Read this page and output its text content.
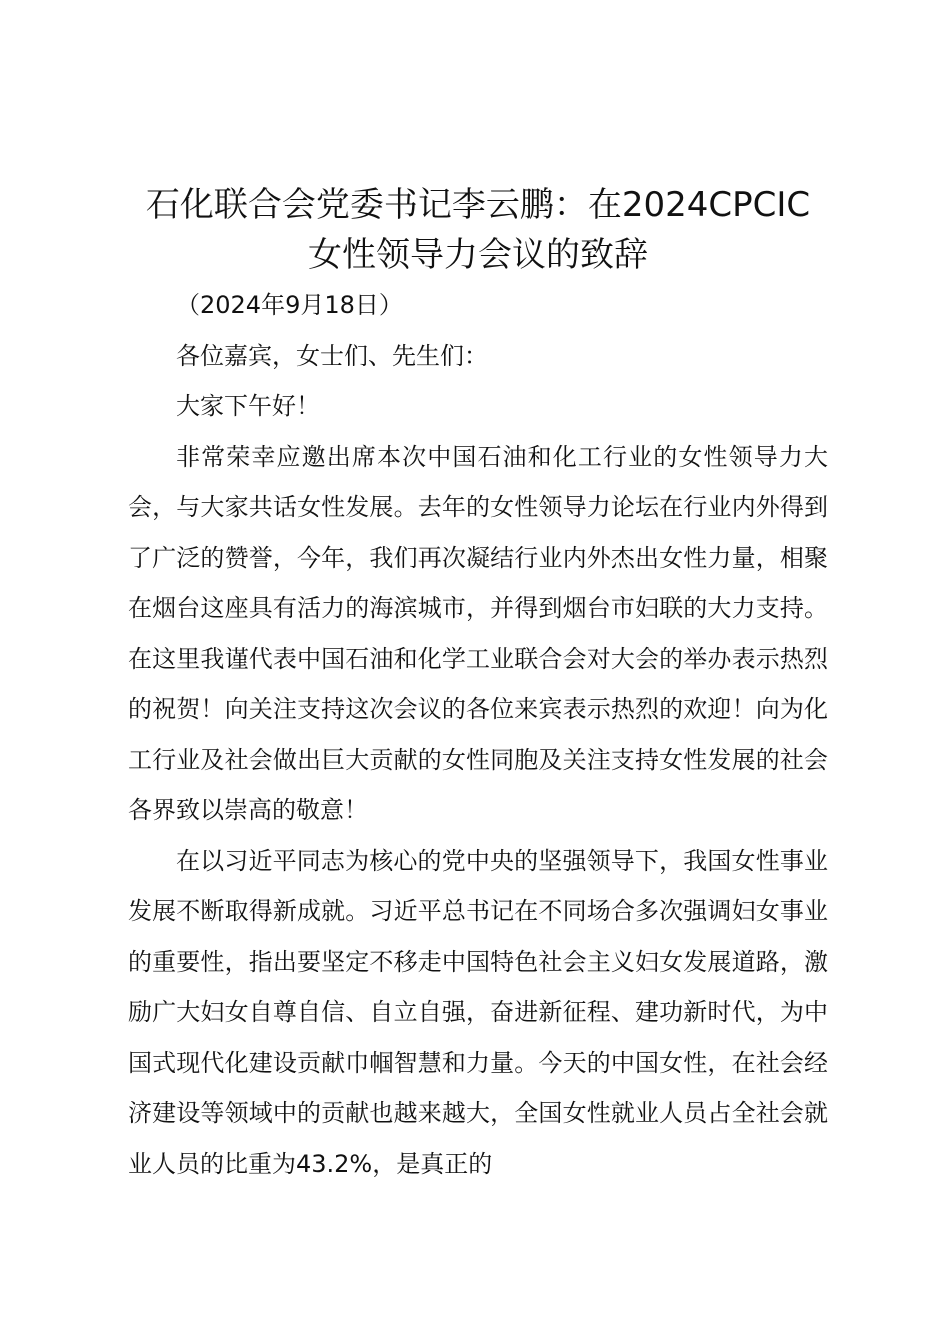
石化联合会党委书记李云鹏：在2024CPCIC
女性领导力会议的致辞

（2024年9月18日）

各位嘉宾，女士们、先生们：

大家下午好！

非常荣幸应邀出席本次中国石油和化工行业的女性领导力大会，与大家共话女性发展。去年的女性领导力论坛在行业内外得到了广泛的赞誉，今年，我们再次凝结行业内外杰出女性力量，相聚在烟台这座具有活力的海滨城市，并得到烟台市妇联的大力支持。在这里我谨代表中国石油和化学工业联合会对大会的举办表示热烈的祝贺！向关注支持这次会议的各位来宾表示热烈的欢迎！向为化工行业及社会做出巨大贡献的女性同胞及关注支持女性发展的社会各界致以崇高的敬意！

在以习近平同志为核心的党中央的坚强领导下，我国女性事业发展不断取得新成就。习近平总书记在不同场合多次强调妇女事业的重要性，指出要坚定不移走中国特色社会主义妇女发展道路，激励广大妇女自尊自信、自立自强，奋进新征程、建功新时代，为中国式现代化建设贡献巾帼智慧和力量。今天的中国女性，在社会经济建设等领域中的贡献也越来越大，全国女性就业人员占全社会就业人员的比重为43.2%，是真正的
